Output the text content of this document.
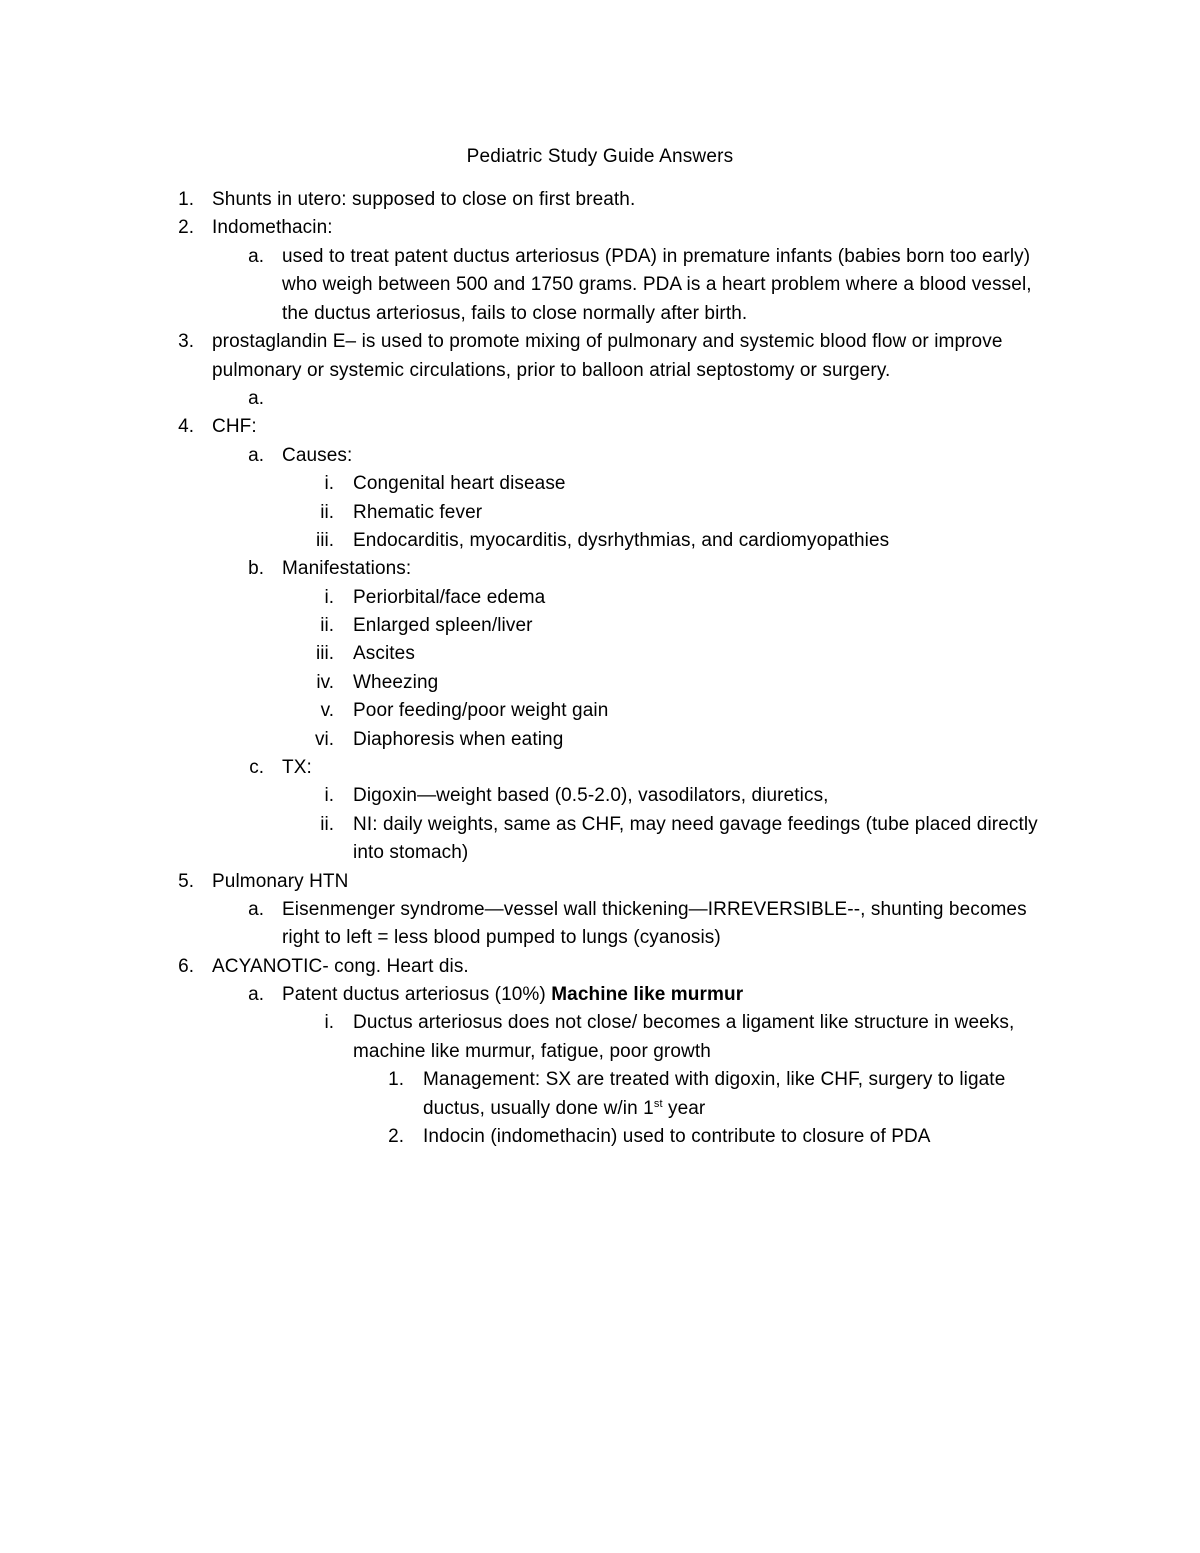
Pediatric Study Guide Answers
1. Shunts in utero: supposed to close on first breath.
2. Indomethacin:
a. used to treat patent ductus arteriosus (PDA) in premature infants (babies born too early)
who weigh between 500 and 1750 grams. PDA is a heart problem where a blood vessel,
the ductus arteriosus, fails to close normally after birth.
3. prostaglandin E– is used to promote mixing of pulmonary and systemic blood flow or improve
pulmonary or systemic circulations, prior to balloon atrial septostomy or surgery.
a.
4. CHF:
a. Causes:
i. Congenital heart disease
ii. Rhematic fever
iii. Endocarditis, myocarditis, dysrhythmias, and cardiomyopathies
b. Manifestations:
i. Periorbital/face edema
ii. Enlarged spleen/liver
iii. Ascites
iv. Wheezing
v. Poor feeding/poor weight gain
vi. Diaphoresis when eating
c. TX:
i. Digoxin—weight based (0.5-2.0), vasodilators, diuretics,
ii. NI: daily weights, same as CHF, may need gavage feedings (tube placed directly
into stomach)
5. Pulmonary HTN
a. Eisenmenger syndrome—vessel wall thickening—IRREVERSIBLE--, shunting becomes
right to left = less blood pumped to lungs (cyanosis)
6. ACYANOTIC- cong. Heart dis.
a. Patent ductus arteriosus (10%) Machine like murmur
i. Ductus arteriosus does not close/ becomes a ligament like structure in weeks,
machine like murmur, fatigue, poor growth
1. Management: SX are treated with digoxin, like CHF, surgery to ligate
ductus, usually done w/in 1st year
2. Indocin (indomethacin) used to contribute to closure of PDA
